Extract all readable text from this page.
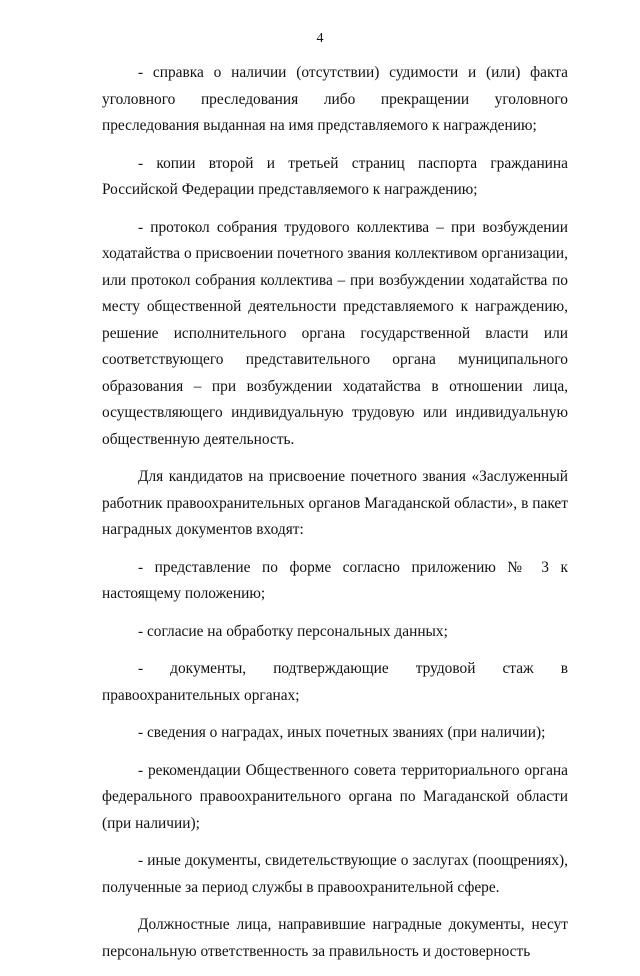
4

- справка о наличии (отсутствии) судимости и (или) факта уголовного преследования либо прекращении уголовного преследования выданная на имя представляемого к награждению;

- копии второй и третьей страниц паспорта гражданина Российской Федерации представляемого к награждению;

- протокол собрания трудового коллектива – при возбуждении ходатайства о присвоении почетного звания коллективом организации, или протокол собрания коллектива – при возбуждении ходатайства по месту общественной деятельности представляемого к награждению, решение исполнительного органа государственной власти или соответствующего представительного органа муниципального образования – при возбуждении ходатайства в отношении лица, осуществляющего индивидуальную трудовую или индивидуальную общественную деятельность.

Для кандидатов на присвоение почетного звания «Заслуженный работник правоохранительных органов Магаданской области», в пакет наградных документов входят:

- представление по форме согласно приложению № 3 к настоящему положению;

- согласие на обработку персональных данных;

- документы, подтверждающие трудовой стаж в правоохранительных органах;

- сведения о наградах, иных почетных званиях (при наличии);

- рекомендации Общественного совета территориального органа федерального правоохранительного органа по Магаданской области (при наличии);

- иные документы, свидетельствующие о заслугах (поощрениях), полученные за период службы в правоохранительной сфере.

Должностные лица, направившие наградные документы, несут персональную ответственность за правильность и достоверность
